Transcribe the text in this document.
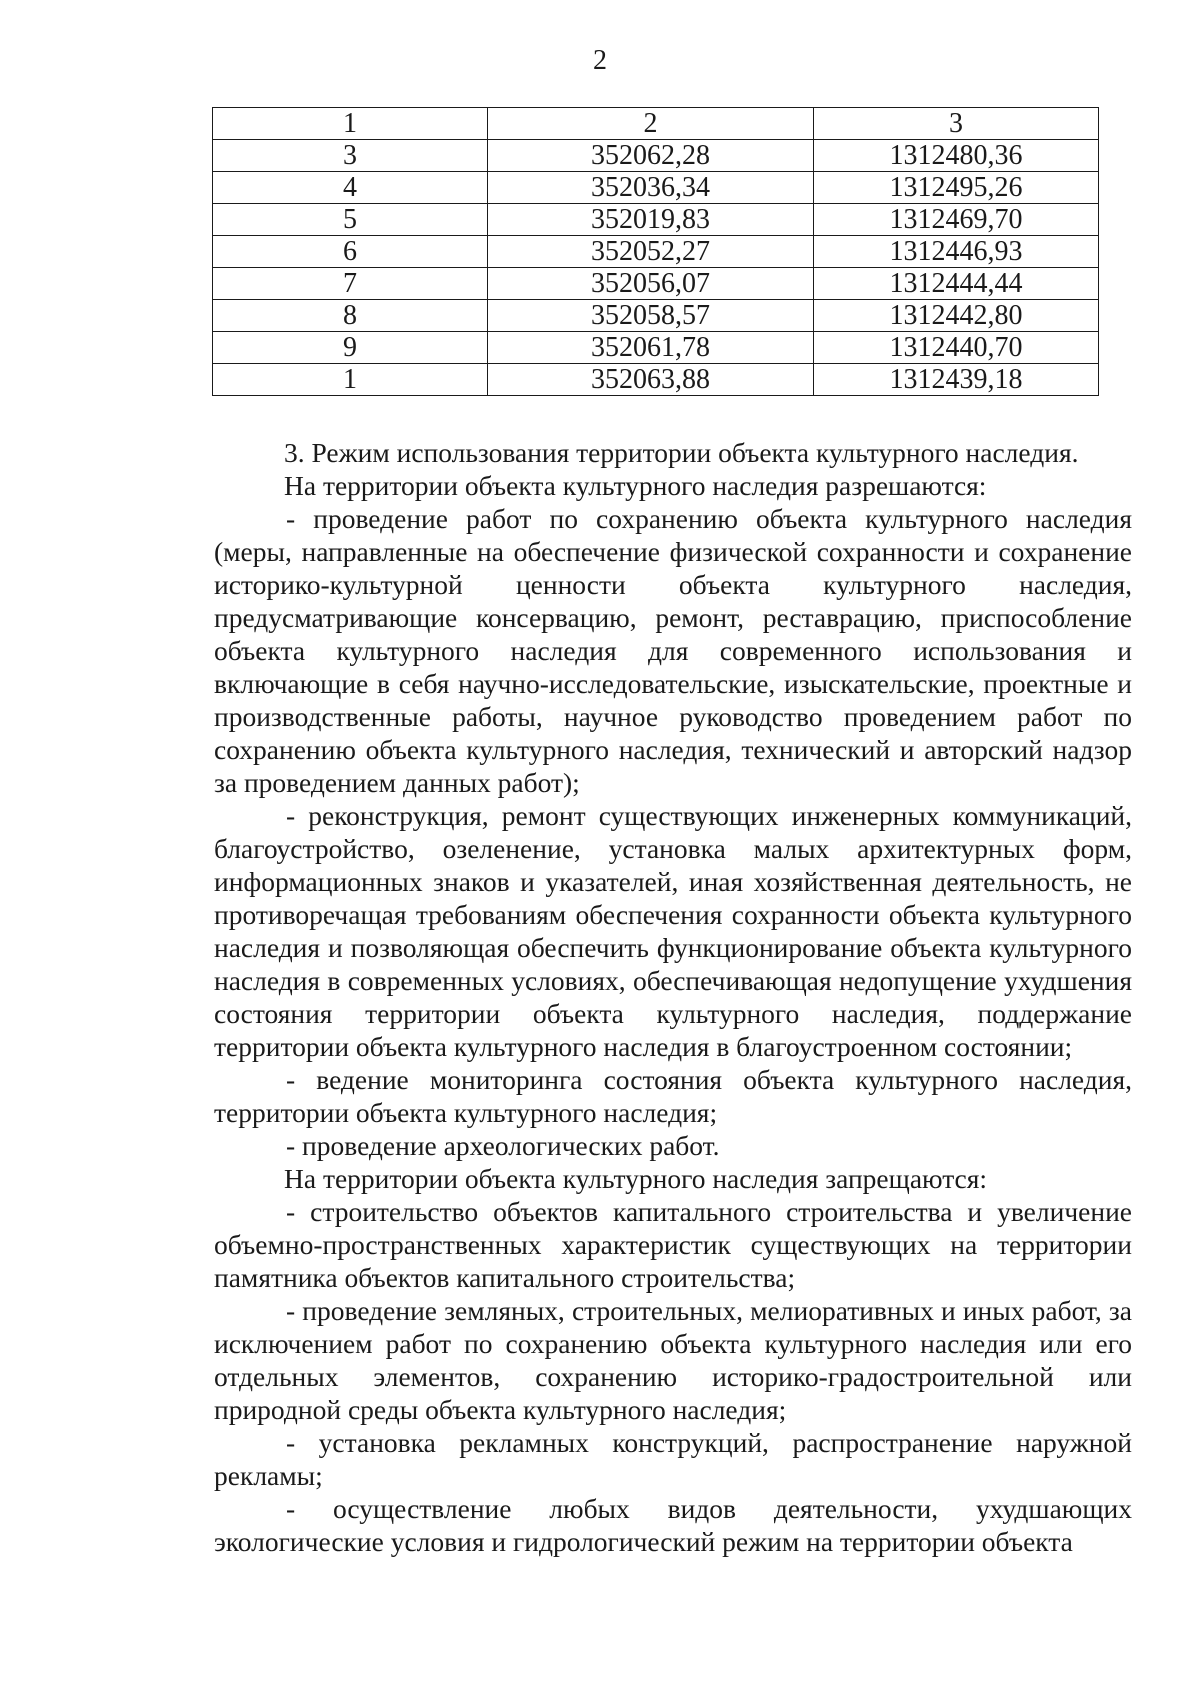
2
1	2	3
3	352062,28	1312480,36
4	352036,34	1312495,26
5	352019,83	1312469,70
6	352052,27	1312446,93
7	352056,07	1312444,44
8	352058,57	1312442,80
9	352061,78	1312440,70
1	352063,88	1312439,18

3. Режим использования территории объекта культурного наследия.

На территории объекта культурного наследия разрешаются:

- проведение работ по сохранению объекта культурного наследия (меры, направленные на обеспечение физической сохранности и сохранение историко-культурной ценности объекта культурного наследия, предусматривающие консервацию, ремонт, реставрацию, приспособление объекта культурного наследия для современного использования и включающие в себя научно-исследовательские, изыскательские, проектные и производственные работы, научное руководство проведением работ по сохранению объекта культурного наследия, технический и авторский надзор за проведением данных работ);

- реконструкция, ремонт существующих инженерных коммуникаций, благоустройство, озеленение, установка малых архитектурных форм, информационных знаков и указателей, иная хозяйственная деятельность, не противоречащая требованиям обеспечения сохранности объекта культурного наследия и позволяющая обеспечить функционирование объекта культурного наследия в современных условиях, обеспечивающая недопущение ухудшения состояния территории объекта культурного наследия, поддержание территории объекта культурного наследия в благоустроенном состоянии;

- ведение мониторинга состояния объекта культурного наследия, территории объекта культурного наследия;

- проведение археологических работ.

На территории объекта культурного наследия запрещаются:

- строительство объектов капитального строительства и увеличение объемно-пространственных характеристик существующих на территории памятника объектов капитального строительства;

- проведение земляных, строительных, мелиоративных и иных работ, за исключением работ по сохранению объекта культурного наследия или его отдельных элементов, сохранению историко-градостроительной или природной среды объекта культурного наследия;

- установка рекламных конструкций, распространение наружной рекламы;

- осуществление любых видов деятельности, ухудшающих экологические условия и гидрологический режим на территории объекта
